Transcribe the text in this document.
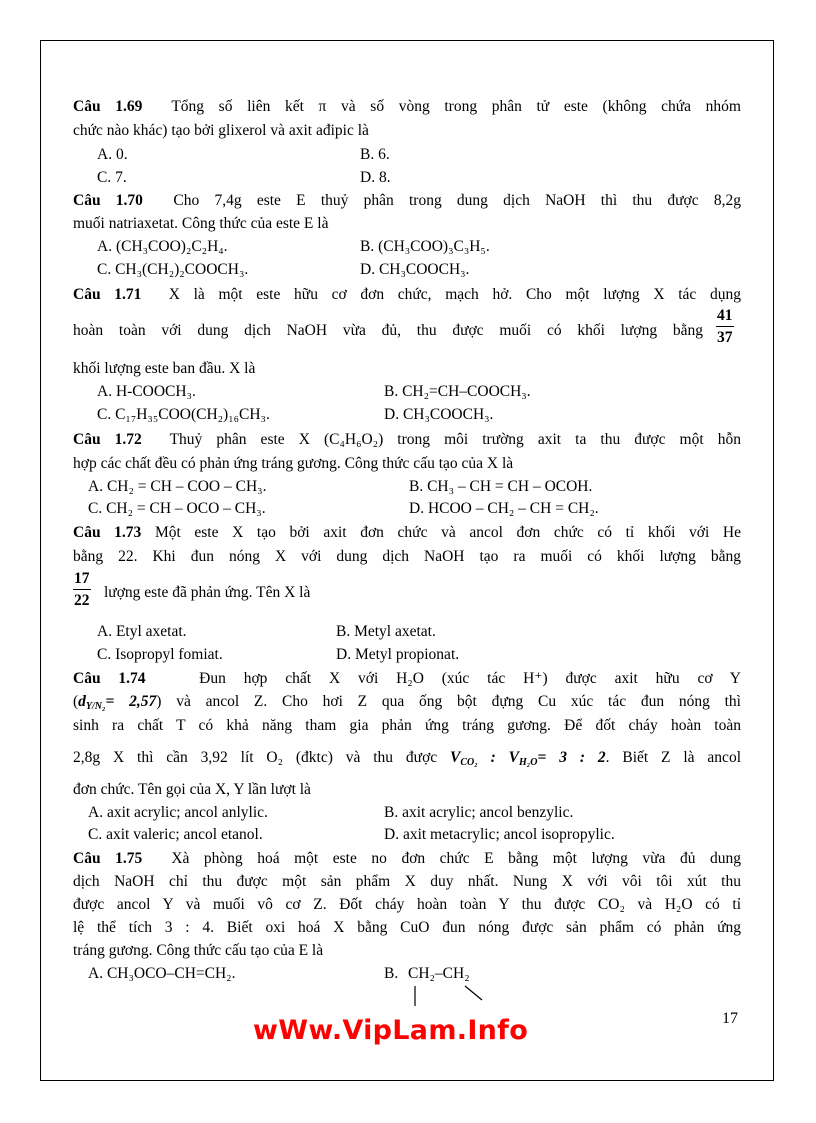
Câu 1.69 Tổng số liên kết π và số vòng trong phân tử este (không chứa nhóm
chức nào khác) tạo bởi glixerol và axit ađipic là
A. 0.	B. 6.
C. 7.	D. 8.
Câu 1.70 Cho 7,4g este E thuỷ phân trong dung dịch NaOH thì thu được 8,2g
muối natriaxetat. Công thức của este E là
A. (CH₃COO)₂C₂H₄.	B. (CH₃COO)₃C₃H₅.
C. CH₃(CH₂)₂COOCH₃.	D. CH₃COOCH₃.
Câu 1.71 X là một este hữu cơ đơn chức, mạch hở. Cho một lượng X tác dụng
hoàn toàn với dung dịch NaOH vừa đủ, thu được muối có khối lượng bằng $\frac{41}{37}$
khối lượng este ban đầu. X là
A. H-COOCH₃.	B. CH₂=CH–COOCH₃.
C. C₁₇H₃₅COO(CH₂)₁₆CH₃.	D. CH₃COOCH₃.
Câu 1.72 Thuỷ phân este X (C₄H₆O₂) trong môi trường axit ta thu được một hỗn
hợp các chất đều có phản ứng tráng gương. Công thức cấu tạo của X là
A. CH₂ = CH – COO – CH₃.	B. CH₃ – CH = CH – OCOH.
C. CH₂ = CH – OCO – CH₃.	D. HCOO – CH₂ – CH = CH₂.
Câu 1.73 Một este X tạo bởi axit đơn chức và ancol đơn chức có tỉ khối với He
bằng 22. Khi đun nóng X với dung dịch NaOH tạo ra muối có khối lượng bằng
$\frac{17}{22}$ lượng este đã phản ứng. Tên X là
A. Etyl axetat.	B. Metyl axetat.
C. Isopropyl fomiat.	D. Metyl propionat.
Câu 1.74	Đun hợp chất X với H₂O (xúc tác H⁺) được axit hữu cơ Y
$(d_{Y/N_2}= 2,57)$ và ancol Z. Cho hơi Z qua ống bột đựng Cu xúc tác đun nóng thì
sinh ra chất T có khả năng tham gia phản ứng tráng gương. Để đốt cháy hoàn toàn
2,8g X thì cần 3,92 lít O₂ (đktc) và thu được $V_{CO_2}$ : $V_{H_2O}= 3$ : 2. Biết Z là ancol
đơn chức. Tên gọi của X, Y lần lượt là
A. axit acrylic; ancol anlylic.	B. axit acrylic; ancol benzylic.
C. axit valeric; ancol etanol.	D. axit metacrylic; ancol isopropylic.
Câu 1.75 Xà phòng hoá một este no đơn chức E bằng một lượng vừa đủ dung
dịch NaOH chỉ thu được một sản phẩm X duy nhất. Nung X với vôi tôi xút thu
được ancol Y và muối vô cơ Z. Đốt cháy hoàn toàn Y thu được CO₂ và H₂O có tỉ
lệ thể tích 3 : 4. Biết oxi hoá X bằng CuO đun nóng được sản phẩm có phản ứng
tráng gương. Công thức cấu tạo của E là
A. CH₃OCO–CH=CH₂.	B. CH₂–CH₂
17
wWw.VipLam.Info
